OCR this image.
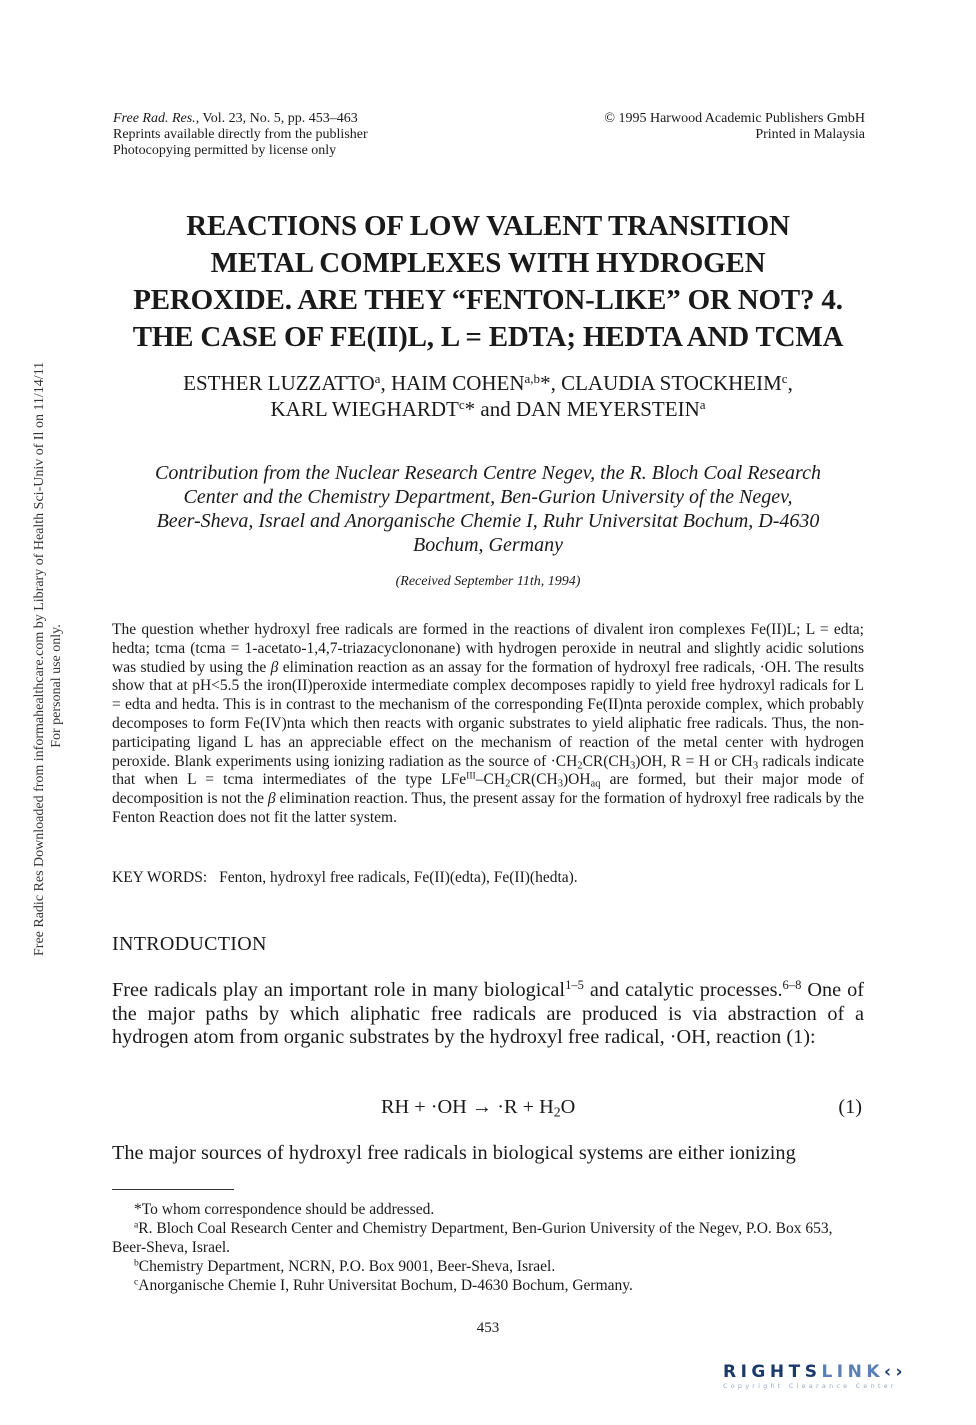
Free Radic Res Downloaded from informahealthcare.com by Library of Health Sci-Univ of Il on 11/14/11 For personal use only.
Free Rad. Res., Vol. 23, No. 5, pp. 453–463
Reprints available directly from the publisher
Photocopying permitted by license only
© 1995 Harwood Academic Publishers GmbH
Printed in Malaysia
REACTIONS OF LOW VALENT TRANSITION
METAL COMPLEXES WITH HYDROGEN
PEROXIDE. ARE THEY “FENTON-LIKE” OR NOT? 4.
THE CASE OF FE(II)L, L = EDTA; HEDTA AND TCMA
ESTHER LUZZATTO$^a$, HAIM COHEN$^{a,b}$*, CLAUDIA STOCKHEIM$^c$,
KARL WIEGHARDT$^c$* and DAN MEYERSTEIN$^a$
Contribution from the Nuclear Research Centre Negev, the R. Bloch Coal Research
Center and the Chemistry Department, Ben-Gurion University of the Negev,
Beer-Sheva, Israel and Anorganische Chemie I, Ruhr Universitat Bochum, D-4630
Bochum, Germany
(Received September 11th, 1994)

The question whether hydroxyl free radicals are formed in the reactions of divalent iron complexes Fe(II)L; L = edta; hedta; tcma (tcma = 1-acetato-1,4,7-triazacyclononane) with hydrogen peroxide in neutral and slightly acidic solutions was studied by using the β elimination reaction as an assay for the formation of hydroxyl free radicals, ·OH. The results show that at pH<5.5 the iron(II)peroxide intermediate complex decomposes rapidly to yield free hydroxyl radicals for L = edta and hedta. This is in contrast to the mechanism of the corresponding Fe(II)nta peroxide complex, which probably decomposes to form Fe(IV)nta which then reacts with organic substrates to yield aliphatic free radicals. Thus, the non-participating ligand L has an appreciable effect on the mechanism of reaction of the metal center with hydrogen peroxide. Blank experiments using ionizing radiation as the source of $\cdot CH_2CR(CH_3)OH$, R = H or $CH_3$ radicals indicate that when L = tcma intermediates of the type $LFe^{III}-CH_2CR(CH_3)OH_{aq}$ are formed, but their major mode of decomposition is not the β elimination reaction. Thus, the present assay for the formation of hydroxyl free radicals by the Fenton Reaction does not fit the latter system.

KEY WORDS: Fenton, hydroxyl free radicals, Fe(II)(edta), Fe(II)(hedta).
INTRODUCTION

Free radicals play an important role in many biological$^{1-5}$ and catalytic processes.$^{6-8}$ One of the major paths by which aliphatic free radicals are produced is via abstraction of a hydrogen atom from organic substrates by the hydroxyl free radical, ·OH, reaction (1):

RH + $\cdot OH \to \cdot R + H_2O$	(1)
The major sources of hydroxyl free radicals in biological systems are either ionizing

*To whom correspondence should be addressed.

$^a$R. Bloch Coal Research Center and Chemistry Department, Ben-Gurion University of the Negev, P.O. Box 653, Beer-Sheva, Israel.

$^b$Chemistry Department, NCRN, P.O. Box 9001, Beer-Sheva, Israel.

$^c$Anorganische Chemie I, Ruhr Universitat Bochum, D-4630 Bochum, Germany.

453
RIGHTSLINK‹›
Copyright Clearance Center
